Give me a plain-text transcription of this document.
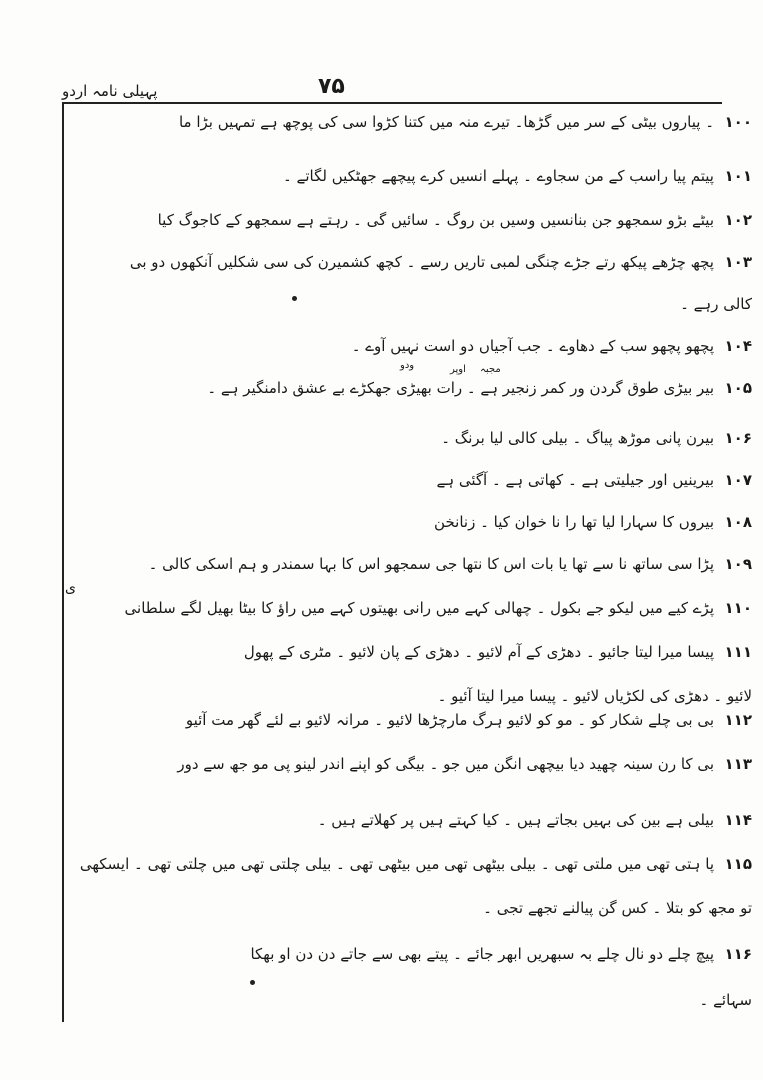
پہیلی نامہ اردو	۷۵
۱۰۰۔ پیاروں بیٹی کے سر میں گڑھا۔ تیرے منہ میں کتنا کڑوا سی کی پوچھ ہے تمہیں بڑا ما
۱۰۱پیتم پیا راسب کے من سجاوے ۔ پہلے انسیں کرے پیچھے جھٹکیں لگاتے ۔
۱۰۲بیٹے بڑو سمجھو جن بنانسیں وسیں بن روگ ۔ سائیں گی ۔ رہتے ہے سمجھو کے کاجوگ کیا
۱۰۳پچھ چڑھے پیکھ رتے جڑے چنگی لمبی تاریں رسے ۔ کچھ کشمیرن کی سی شکلیں آنکھوں دو بی
۱۰۴پچھو پچھو سب کے دھاوے ۔ جب آجیاں دو است نہیں آوے ۔
۱۰۵بیر بیڑی طوق گردن ور کمر زنجیر ہے ۔ رات بھیڑی جھکڑے بے عشق دامنگیر ہے ۔
۱۰۶بیرن پانی موڑھ پیاگ ۔ بیلی کالی لیا برنگ ۔
۱۰۷بیرینیں اور جیلیتی ہے ۔ کھاتی ہے ۔ آگئی ہے
۱۰۸بیروں کا سہارا لیا تھا را نا خوان کیا ۔ زنانخن
۱۰۹پڑا سی ساتھ نا سے تھا یا بات اس کا نتھا جی سمجھو اس کا بہا سمندر و ہم اسکی کالی ۔
۱۱۰پڑے کیے میں لیکو جے بکول ۔ چھالی کہے میں رانی بھیتوں کہے میں راؤ کا بیٹا بھیل لگے سلطانی
۱۱۱پیسا میرا لیتا جائیو ۔ دھڑی کے آم لائیو ۔ دھڑی کے پان لائیو ۔ مٹری کے پھول
۱۱۲بی بی چلے شکار کو ۔ مو کو لائیو ہرگ مارچڑھا لائیو ۔ مرانہ لائیو بے لئے گھر مت آئیو
۱۱۳بی کا رن سینہ چھید دیا بیچھی انگن میں جو ۔ بیگی کو اپنے اندر لینو پی مو جھ سے دور
۱۱۴بیلی ہے بین کی بہیں بجاتے ہیں ۔ کیا کہتے ہیں پر کھلاتے ہیں ۔
۱۱۵پا ہتی تھی میں ملتی تھی ۔ بیلی بیٹھی تھی میں بیٹھی تھی ۔ بیلی چلتی تھی میں چلتی تھی ۔ ایسکھی
۱۱۶پیچ چلے دو نال چلے بہ سبھریں ابھر جائے ۔ پیتے بھی سے جاتے دن دن او بھکا
کالی رہے ۔
لائیو ۔ دھڑی کی لکڑیاں لائیو ۔ پیسا میرا لیتا آئیو ۔
تو مجھ کو بتلا ۔ کس گن پیالنے تجھے تجی ۔
سہائے ۔
ودو	اوپر مجبہ
ی
